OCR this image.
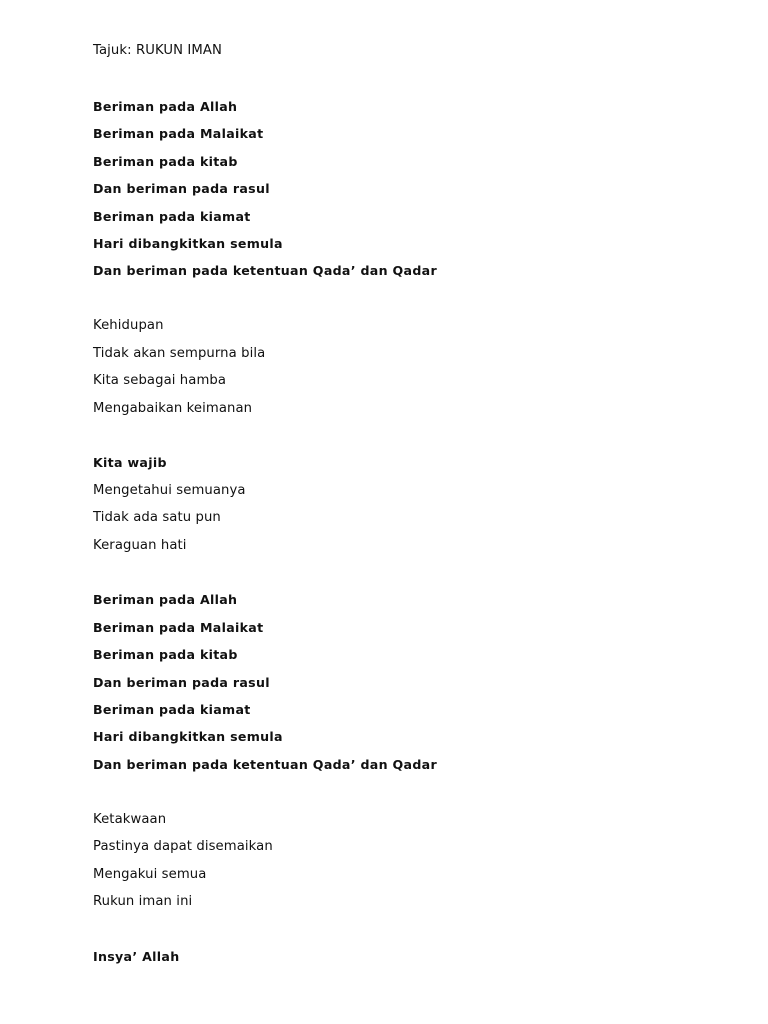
Tajuk: RUKUN IMAN
Beriman pada Allah
Beriman pada Malaikat
Beriman pada kitab
Dan beriman pada rasul
Beriman pada kiamat
Hari dibangkitkan semula
Dan beriman pada ketentuan Qada’ dan Qadar
Kehidupan
Tidak akan sempurna bila
Kita sebagai hamba
Mengabaikan keimanan
Kita wajib
Mengetahui semuanya
Tidak ada satu pun
Keraguan hati
Beriman pada Allah
Beriman pada Malaikat
Beriman pada kitab
Dan beriman pada rasul
Beriman pada kiamat
Hari dibangkitkan semula
Dan beriman pada ketentuan Qada’ dan Qadar
Ketakwaan
Pastinya dapat disemaikan
Mengakui semua
Rukun iman ini
Insya’ Allah
